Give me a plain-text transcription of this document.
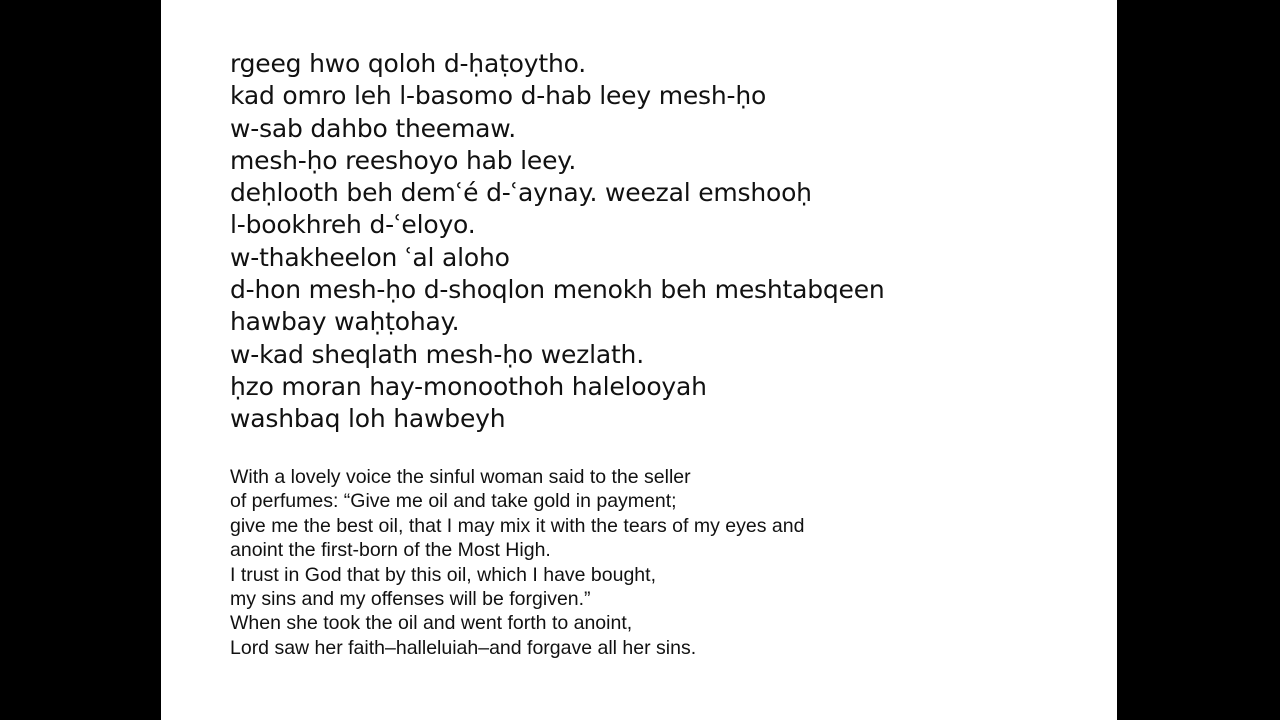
rgeeg hwo qoloh d-ḥaṭoytho.
kad omro leh l-basomo d-hab leey mesh-ḥo
w-sab dahbo theemaw.
mesh-ḥo reeshoyo hab leey.
deḥlooth beh demʿé d-ʿaynay. weezal emshooḥ
l-bookhreh d-ʿeloyo.
w-thakheelon ʿal aloho
d-hon mesh-ḥo d-shoqlon menokh beh meshtabqeen
hawbay waḥṭohay.
w-kad sheqlath mesh-ḥo wezlath.
ḥzo moran hay-monoothoh halelooyah
washbaq loh hawbeyh
With a lovely voice the sinful woman said to the seller
of perfumes: “Give me oil and take gold in payment;
give me the best oil, that I may mix it with the tears of my eyes and
anoint the first-born of the Most High.
I trust in God that by this oil, which I have bought,
my sins and my offenses will be forgiven.”
When she took the oil and went forth to anoint,
Lord saw her faith–halleluiah–and forgave all her sins.
